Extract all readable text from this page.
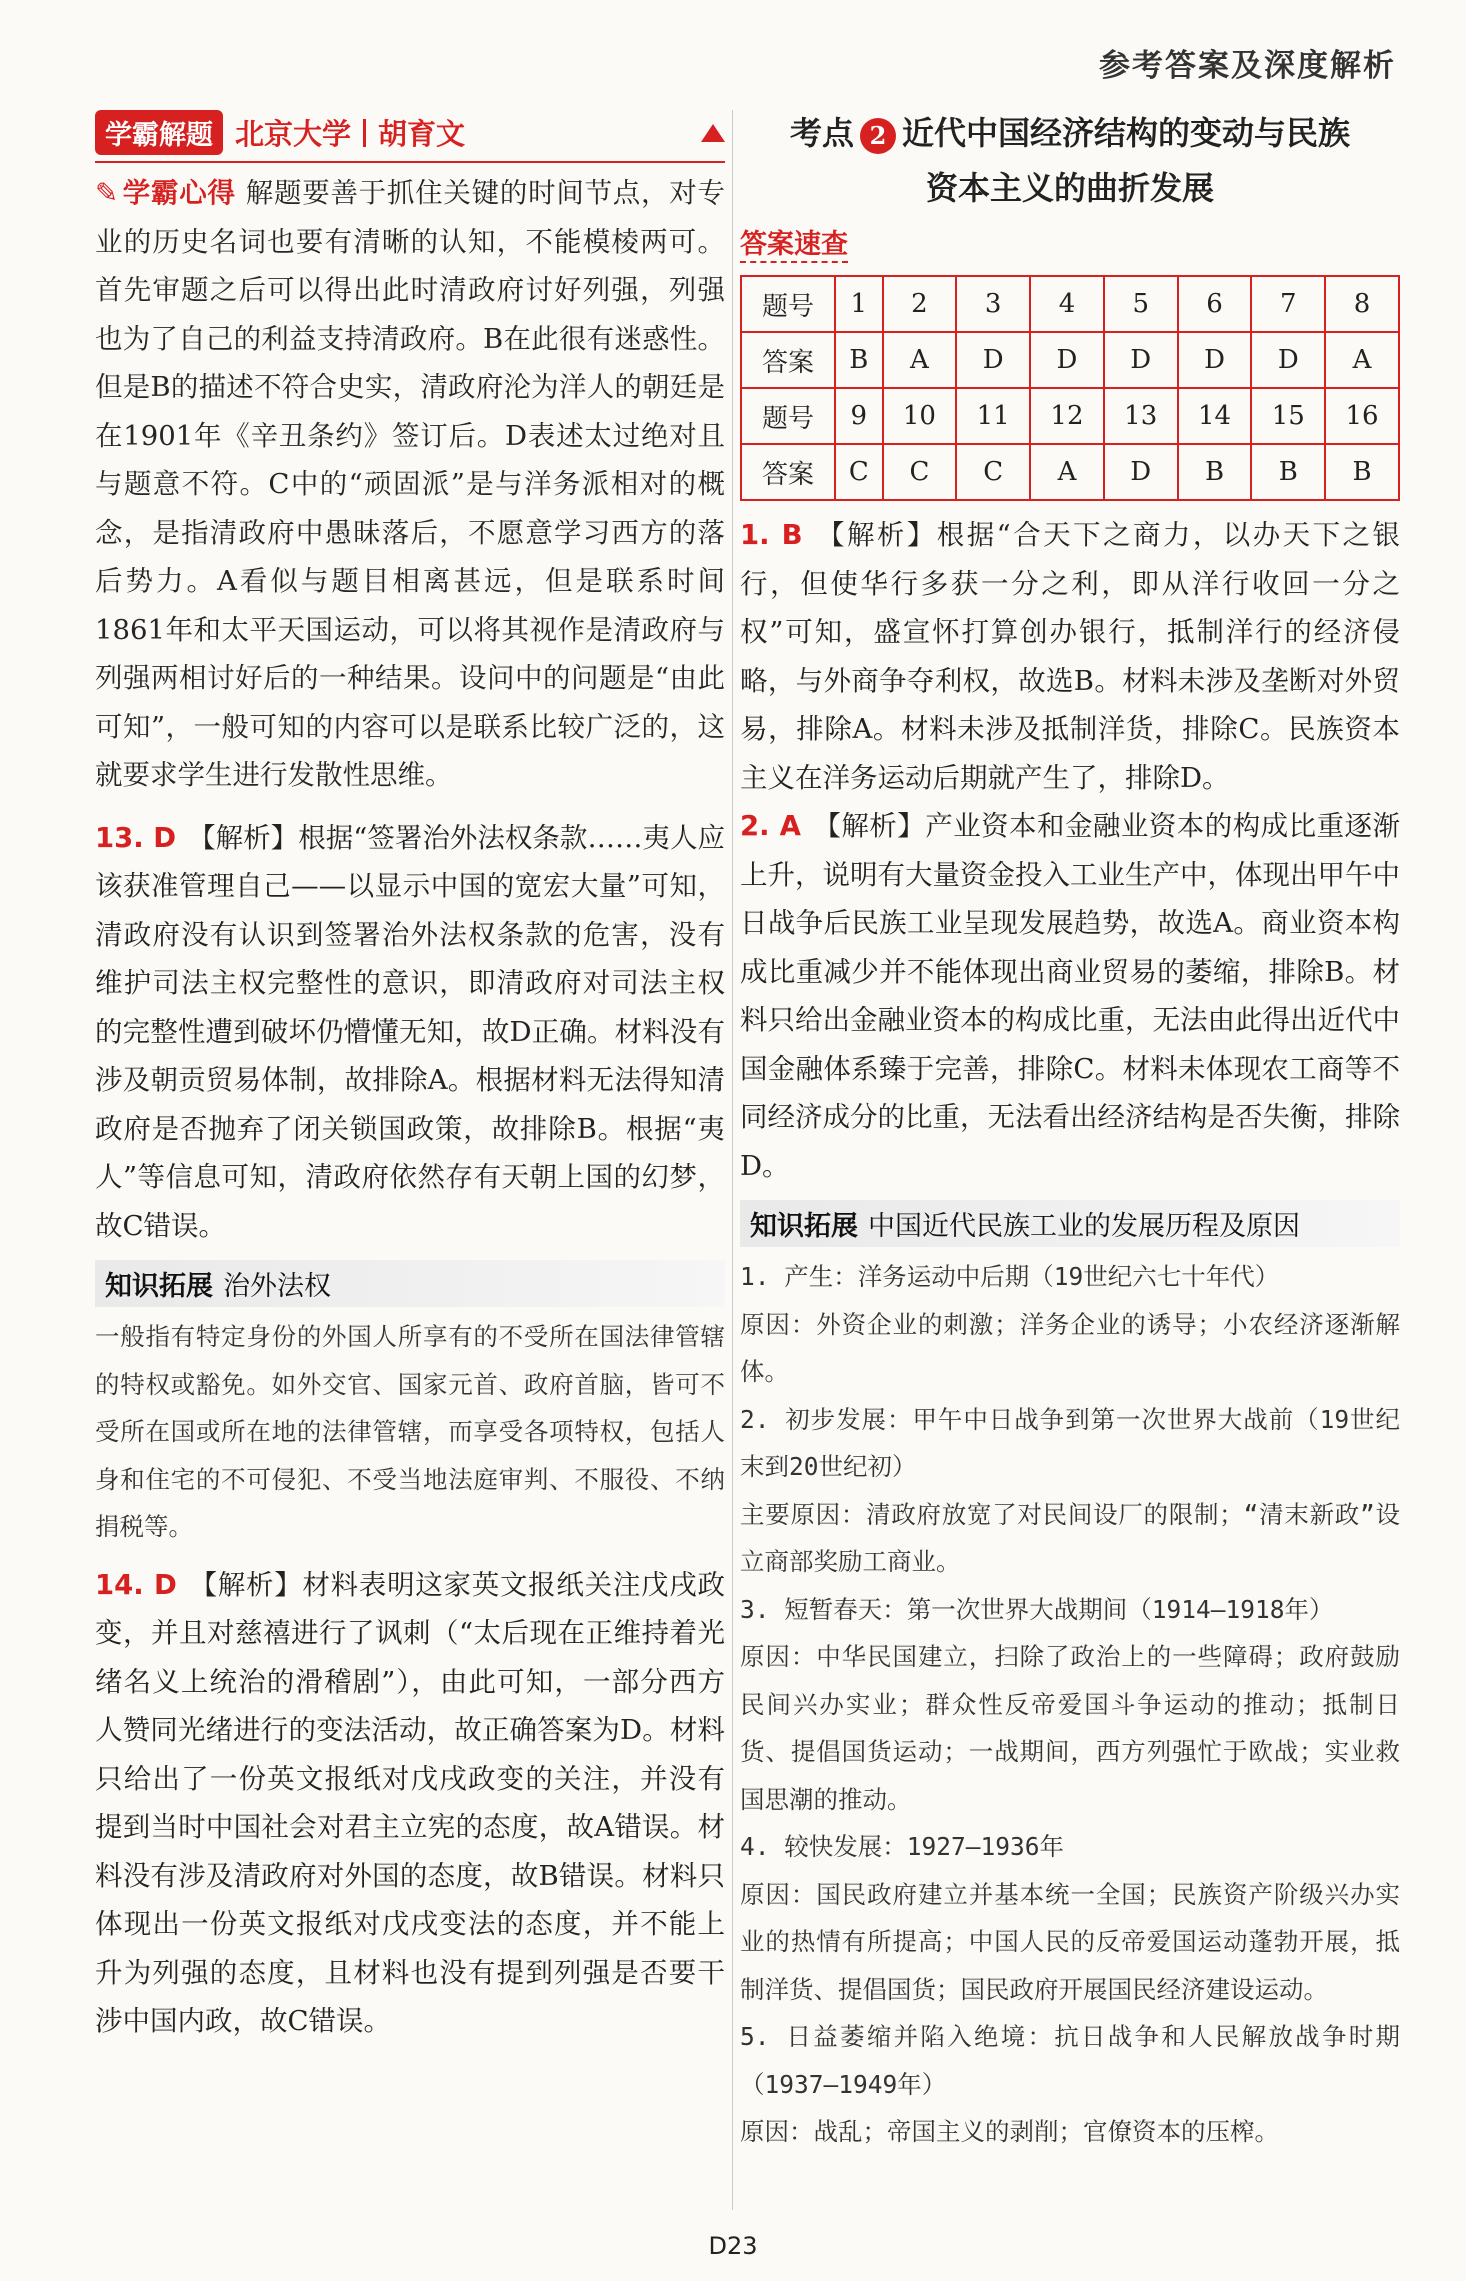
参考答案及深度解析
学霸解题 北京大学 胡育文
✎ 学霸心得 解题要善于抓住关键的时间节点，对专业的历史名词也要有清晰的认知，不能模棱两可。首先审题之后可以得出此时清政府讨好列强，列强也为了自己的利益支持清政府。B在此很有迷惑性。但是B的描述不符合史实，清政府沦为洋人的朝廷是在1901年《辛丑条约》签订后。D表述太过绝对且与题意不符。C中的“顽固派”是与洋务派相对的概念，是指清政府中愚昧落后，不愿意学习西方的落后势力。A看似与题目相离甚远，但是联系时间1861年和太平天国运动，可以将其视作是清政府与列强两相讨好后的一种结果。设问中的问题是“由此可知”，一般可知的内容可以是联系比较广泛的，这就要求学生进行发散性思维。

13. D 【解析】根据“签署治外法权条款……夷人应该获准管理自己——以显示中国的宽宏大量”可知，清政府没有认识到签署治外法权条款的危害，没有维护司法主权完整性的意识，即清政府对司法主权的完整性遭到破坏仍懵懂无知，故D正确。材料没有涉及朝贡贸易体制，故排除A。根据材料无法得知清政府是否抛弃了闭关锁国政策，故排除B。根据“夷人”等信息可知，清政府依然存有天朝上国的幻梦，故C错误。

知识拓展 治外法权

一般指有特定身份的外国人所享有的不受所在国法律管辖的特权或豁免。如外交官、国家元首、政府首脑，皆可不受所在国或所在地的法律管辖，而享受各项特权，包括人身和住宅的不可侵犯、不受当地法庭审判、不服役、不纳捐税等。

14. D 【解析】材料表明这家英文报纸关注戊戌政变，并且对慈禧进行了讽刺（“太后现在正维持着光绪名义上统治的滑稽剧”），由此可知，一部分西方人赞同光绪进行的变法活动，故正确答案为D。材料只给出了一份英文报纸对戊戌政变的关注，并没有提到当时中国社会对君主立宪的态度，故A错误。材料没有涉及清政府对外国的态度，故B错误。材料只体现出一份英文报纸对戊戌变法的态度，并不能上升为列强的态度，且材料也没有提到列强是否要干涉中国内政，故C错误。

考点 2 近代中国经济结构的变动与民族
资本主义的曲折发展
答案速查
题号	1	2	3	4	5	6	7	8
答案	B	A	D	D	D	D	D	A
题号	9	10	11	12	13	14	15	16
答案	C	C	C	A	D	B	B	B

1. B 【解析】根据“合天下之商力，以办天下之银行，但使华行多获一分之利，即从洋行收回一分之权”可知，盛宣怀打算创办银行，抵制洋行的经济侵略，与外商争夺利权，故选B。材料未涉及垄断对外贸易，排除A。材料未涉及抵制洋货，排除C。民族资本主义在洋务运动后期就产生了，排除D。

2. A 【解析】产业资本和金融业资本的构成比重逐渐上升，说明有大量资金投入工业生产中，体现出甲午中日战争后民族工业呈现发展趋势，故选A。商业资本构成比重减少并不能体现出商业贸易的萎缩，排除B。材料只给出金融业资本的构成比重，无法由此得出近代中国金融体系臻于完善，排除C。材料未体现农工商等不同经济成分的比重，无法看出经济结构是否失衡，排除D。

知识拓展 中国近代民族工业的发展历程及原因

1. 产生：洋务运动中后期（19世纪六七十年代）

原因：外资企业的刺激；洋务企业的诱导；小农经济逐渐解体。

2. 初步发展：甲午中日战争到第一次世界大战前（19世纪末到20世纪初）

主要原因：清政府放宽了对民间设厂的限制；“清末新政”设立商部奖励工商业。

3. 短暂春天：第一次世界大战期间（1914—1918年）

原因：中华民国建立，扫除了政治上的一些障碍；政府鼓励民间兴办实业；群众性反帝爱国斗争运动的推动；抵制日货、提倡国货运动；一战期间，西方列强忙于欧战；实业救国思潮的推动。

4. 较快发展：1927—1936年

原因：国民政府建立并基本统一全国；民族资产阶级兴办实业的热情有所提高；中国人民的反帝爱国运动蓬勃开展，抵制洋货、提倡国货；国民政府开展国民经济建设运动。

5. 日益萎缩并陷入绝境：抗日战争和人民解放战争时期（1937—1949年）

原因：战乱；帝国主义的剥削；官僚资本的压榨。

D23
